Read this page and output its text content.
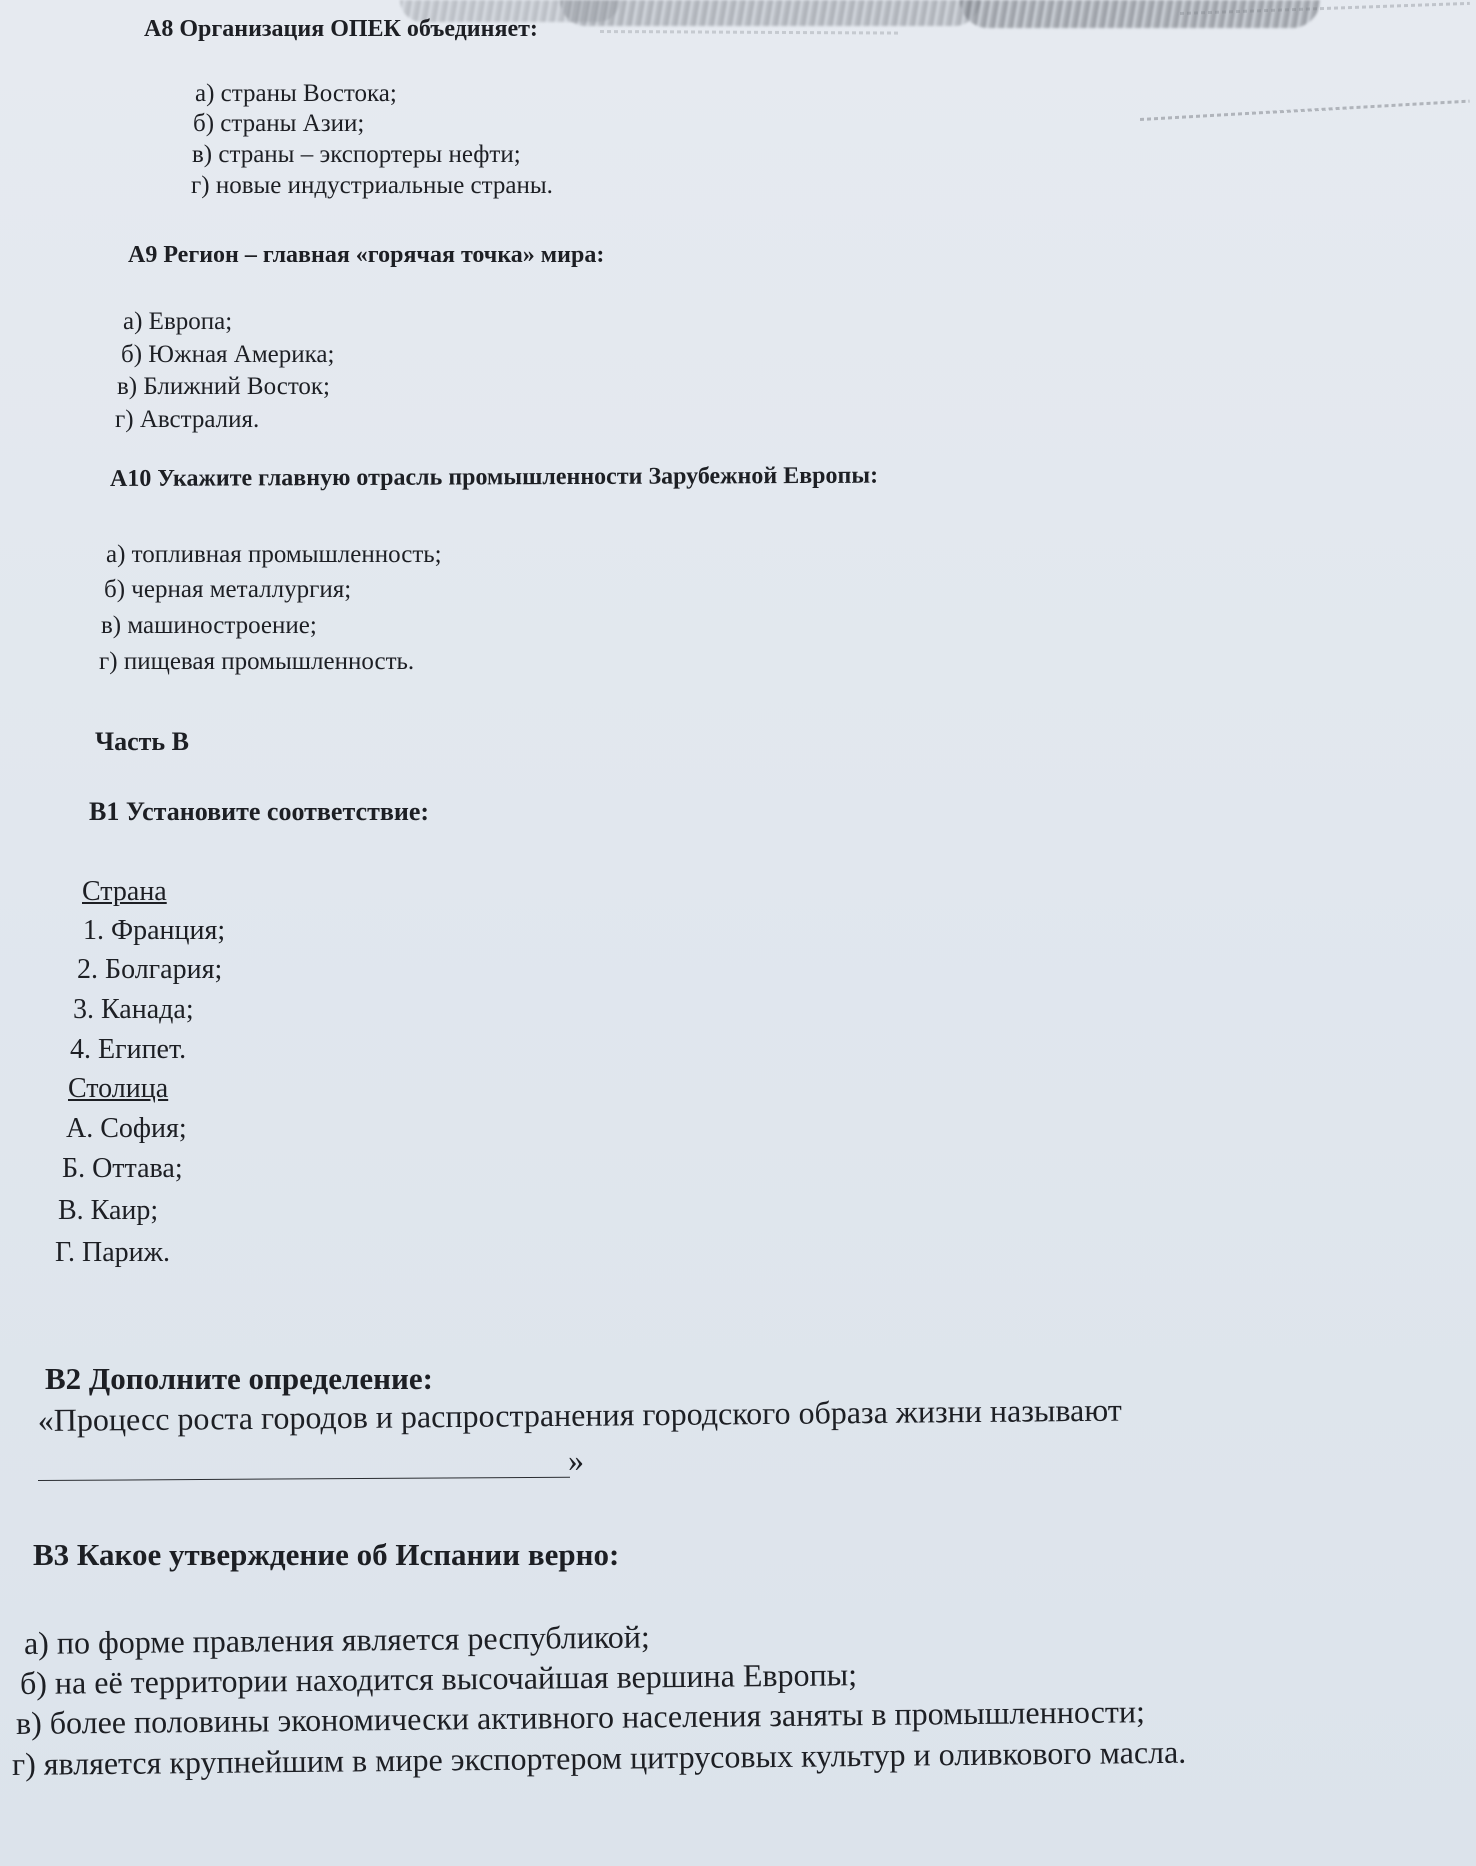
А8 Организация ОПЕК объединяет:
а) страны Востока;
б) страны Азии;
в) страны – экспортеры нефти;
г) новые индустриальные страны.
А9 Регион – главная «горячая точка» мира:
а) Европа;
б) Южная Америка;
в) Ближний Восток;
г) Австралия.
А10 Укажите главную отрасль промышленности Зарубежной Европы:
а) топливная промышленность;
б) черная металлургия;
в) машиностроение;
г) пищевая промышленность.
Часть В
В1 Установите соответствие:
Страна
1. Франция;
2. Болгария;
3. Канада;
4. Египет.
Столица
А. София;
Б. Оттава;
В. Каир;
Г. Париж.
В2 Дополните определение:
«Процесс роста городов и распространения городского образа жизни называют
»
В3 Какое утверждение об Испании верно:
а) по форме правления является республикой;
б) на её территории находится высочайшая вершина Европы;
в) более половины экономически активного населения заняты в промышленности;
г) является крупнейшим в мире экспортером цитрусовых культур и оливкового масла.
